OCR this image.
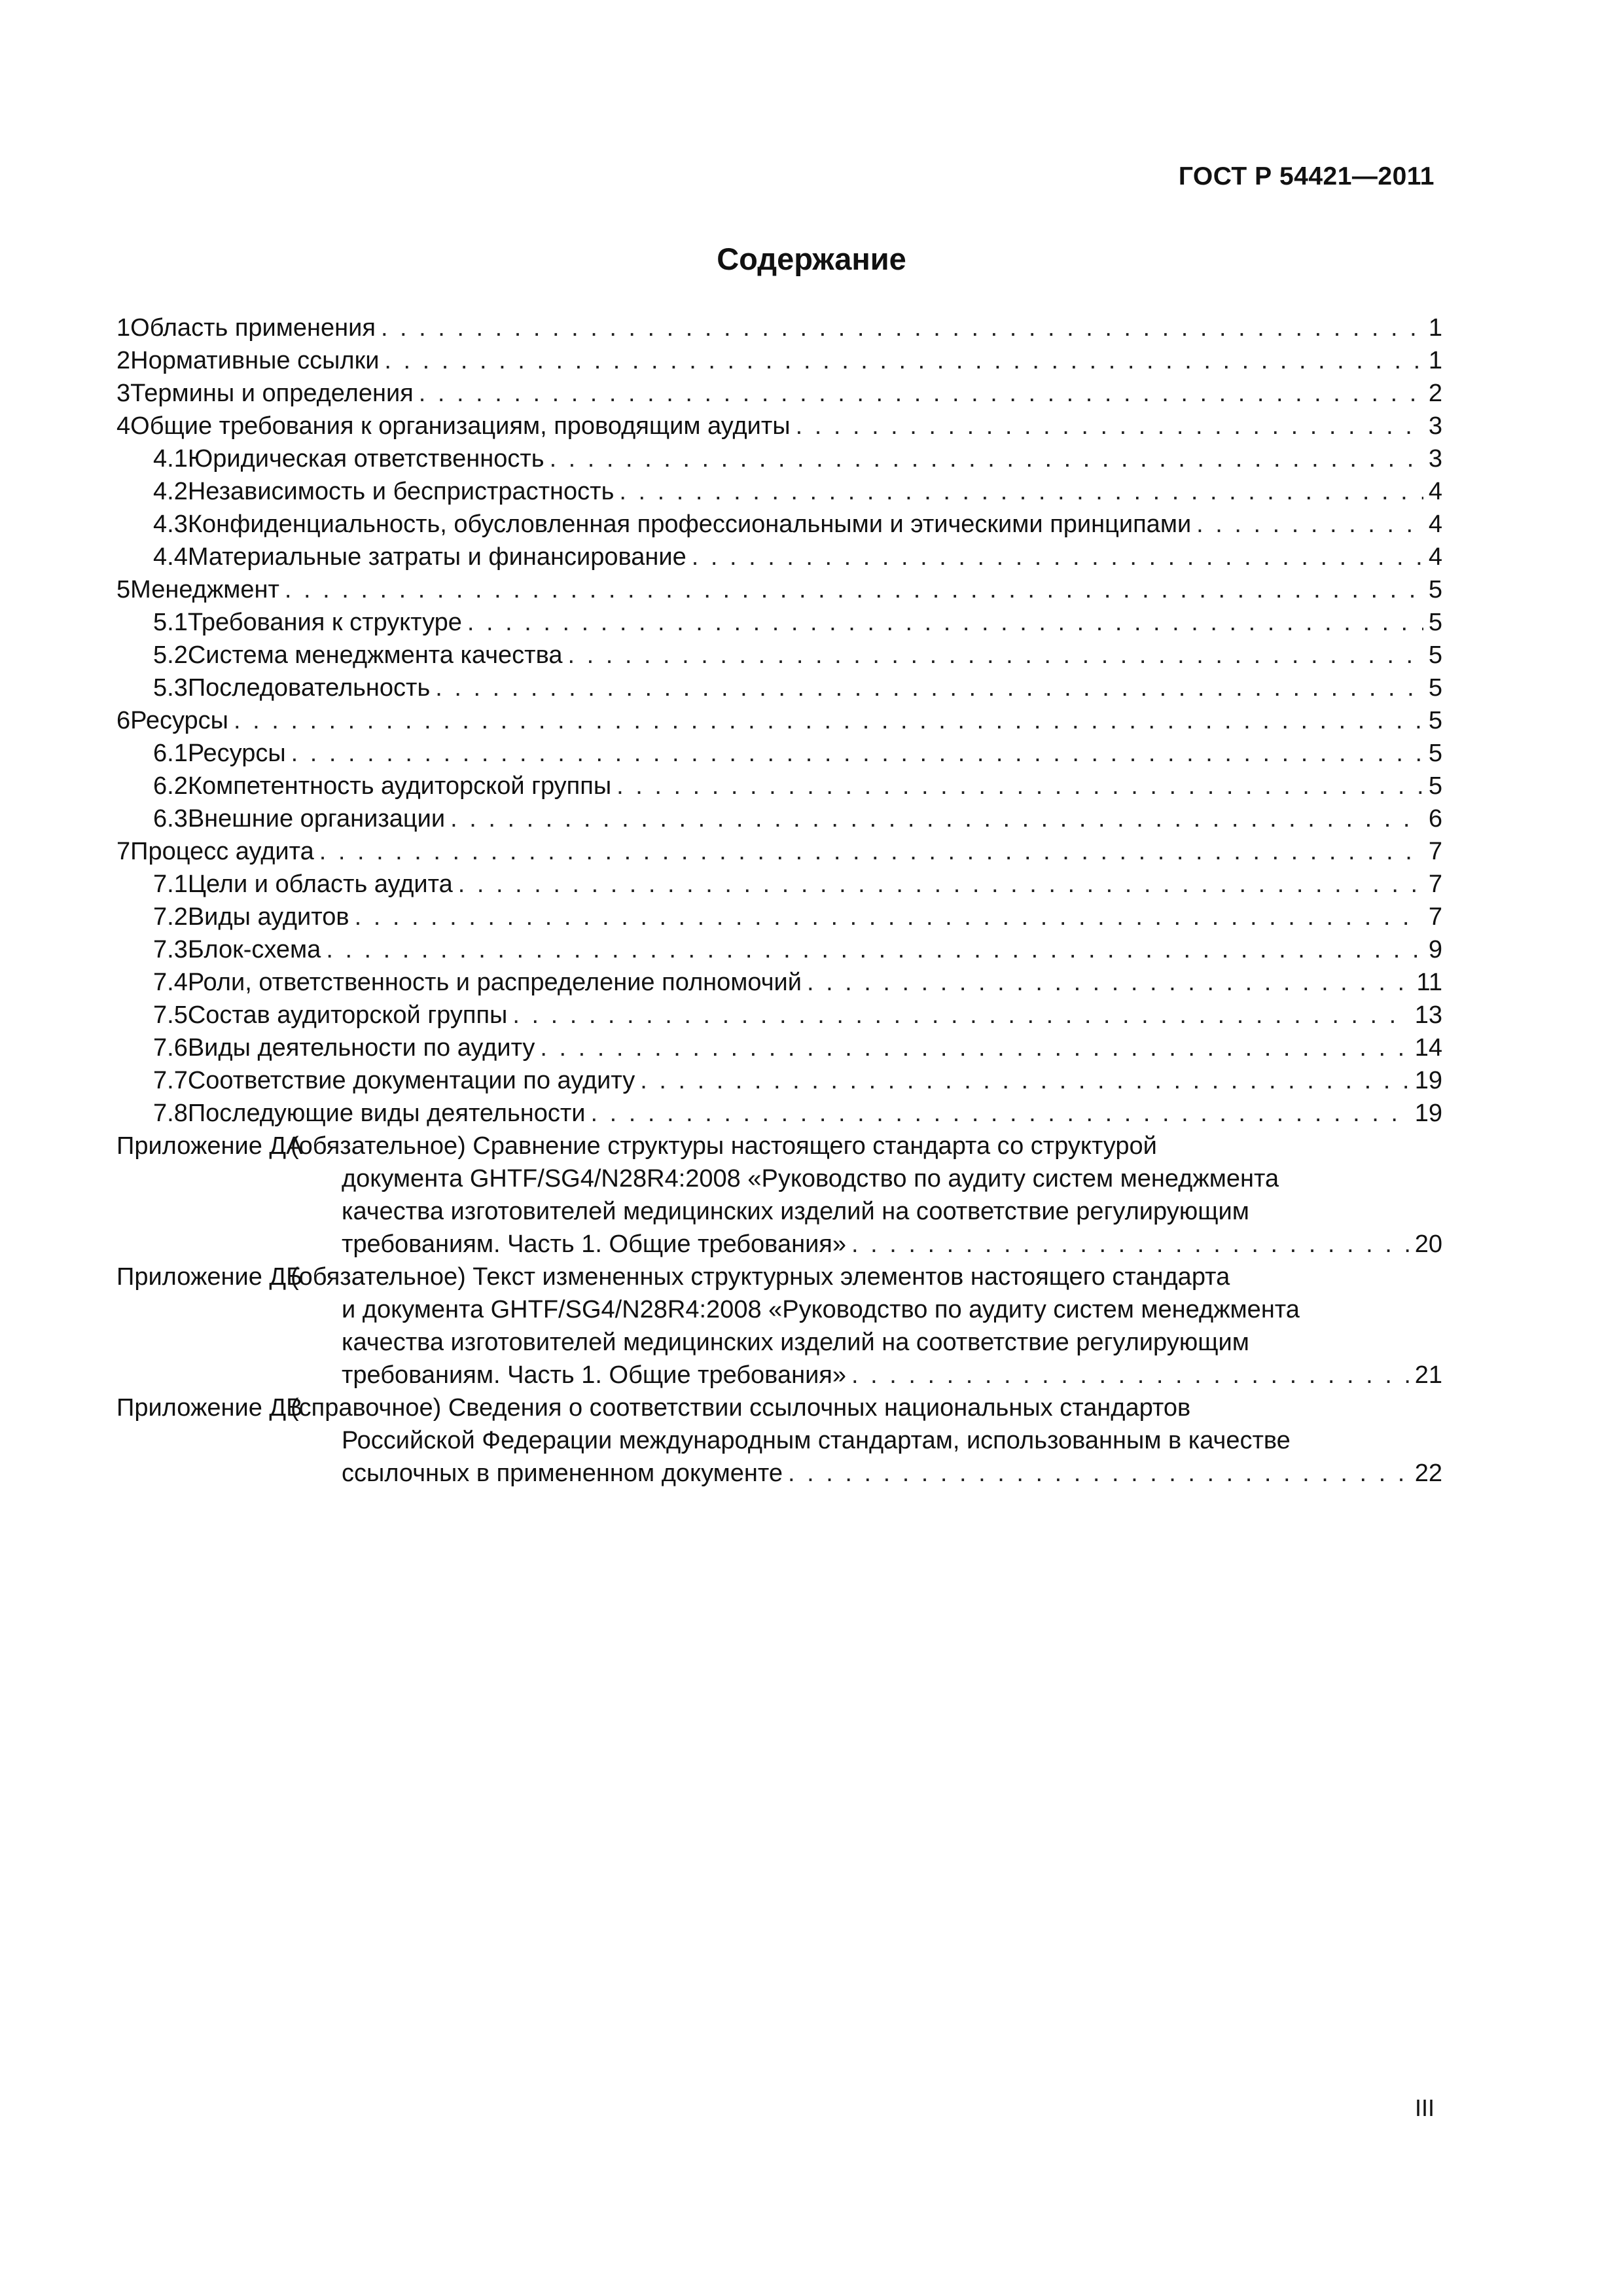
ГОСТ Р 54421—2011
Содержание
1 Область применения . . .	1
2 Нормативные ссылки . . .	1
3 Термины и определения . . .	2
4 Общие требования к организациям, проводящим аудиты . . .	3
4.1 Юридическая ответственность . . .	3
4.2 Независимость и беспристрастность . . .	4
4.3 Конфиденциальность, обусловленная профессиональными и этическими принципами . . .	4
4.4 Материальные затраты и финансирование . . .	4
5 Менеджмент . . .	5
5.1 Требования к структуре . . .	5
5.2 Система менеджмента качества . . .	5
5.3 Последовательность . . .	5
6 Ресурсы . . .	5
6.1 Ресурсы . . .	5
6.2 Компетентность аудиторской группы . . .	5
6.3 Внешние организации . . .	6
7 Процесс аудита . . .	7
7.1 Цели и область аудита . . .	7
7.2 Виды аудитов . . .	7
7.3 Блок-схема . . .	9
7.4 Роли, ответственность и распределение полномочий . . .	11
7.5 Состав аудиторской группы . . .	13
7.6 Виды деятельности по аудиту . . .	14
7.7 Соответствие документации по аудиту . . .	19
7.8 Последующие виды деятельности . . .	19
Приложение ДА
(обязательное) Сравнение структуры настоящего стандарта со структурой
документа GHTF/SG4/N28R4:2008 «Руководство по аудиту систем менеджмента
качества изготовителей медицинских изделий на соответствие регулирующим
требованиям. Часть 1. Общие требования» . . .	20
Приложение ДБ
(обязательное) Текст измененных структурных элементов настоящего стандарта
и документа GHTF/SG4/N28R4:2008 «Руководство по аудиту систем менеджмента
качества изготовителей медицинских изделий на соответствие регулирующим
требованиям. Часть 1. Общие требования» . . .	21
Приложение ДВ
(справочное) Сведения о соответствии ссылочных национальных стандартов
Российской Федерации международным стандартам, использованным в качестве
ссылочных в примененном документе . . .	22
III
